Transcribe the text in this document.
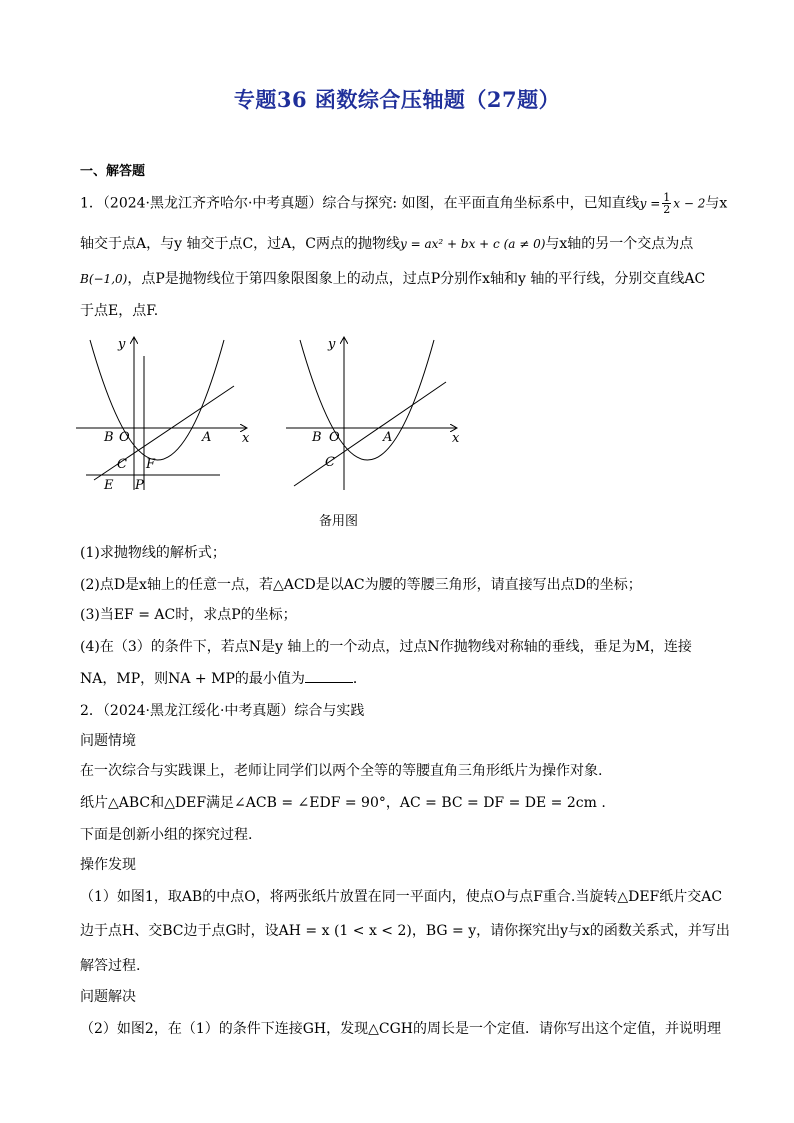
专题36 函数综合压轴题（27题）
一、解答题
1．（2024·黑龙江齐齐哈尔·中考真题）综合与探究: 如图，在平面直角坐标系中，已知直线$y = \frac{1}{2}$ x − 2与x
轴交于点A，与y 轴交于点C，过A，C两点的抛物线y = ax² + bx + c (a ≠ 0)与x轴的另一个交点为点
B(−1,0)，点P是抛物线位于第四象限图象上的动点，过点P分别作x轴和y 轴的平行线，分别交直线AC
于点E，点F.
y
x
B O	A
C F
E P
y
x
B O	A
C
备用图
(1)求抛物线的解析式；
(2)点D是x轴上的任意一点，若△ACD是以AC为腰的等腰三角形，请直接写出点D的坐标；
(3)当EF = AC时，求点P的坐标；
(4)在（3）的条件下，若点N是y 轴上的一个动点，过点N作抛物线对称轴的垂线，垂足为M，连接
NA，MP，则NA + MP的最小值为	．
2．（2024·黑龙江绥化·中考真题）综合与实践
问题情境
在一次综合与实践课上，老师让同学们以两个全等的等腰直角三角形纸片为操作对象.
纸片△ABC和△DEF满足∠ACB = ∠EDF = 90°，AC = BC = DF = DE = 2cm .
下面是创新小组的探究过程.
操作发现
（1）如图1，取AB的中点O，将两张纸片放置在同一平面内，使点O与点F重合.当旋转△DEF纸片交AC
边于点H、交BC边于点G时，设AH = x (1 < x < 2)，BG = y，请你探究出y与x的函数关系式，并写出
解答过程.
问题解决
（2）如图2，在（1）的条件下连接GH，发现△CGH的周长是一个定值．请你写出这个定值，并说明理
